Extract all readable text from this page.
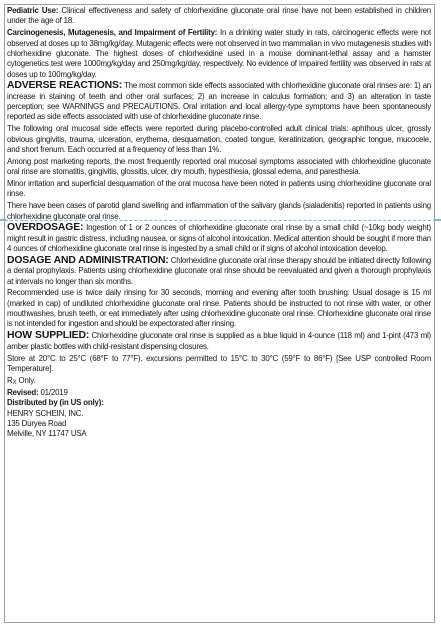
Pediatric Use: Clinical effectiveness and safety of chlorhexidine gluconate oral rinse have not been established in children under the age of 18.

Carcinogenesis, Mutagenesis, and Impairment of Fertility: In a drinking water study in rats, carcinogenic effects were not observed at doses up to 38mg/kg/day. Mutagenic effects were not observed in two mammalian in vivo mutagenesis studies with chlorhexidine gluconate. The highest doses of chlorhexidine used in a mouse dominant-lethal assay and a hamster cytogenetics test were 1000mg/kg/day and 250mg/kg/day, respectively. No evidence of impaired fertility was observed in rats at doses up to 100mg/kg/day.

ADVERSE REACTIONS: The most common side effects associated with chlorhexidine gluconate oral rinses are: 1) an increase in staining of teeth and other oral surfaces; 2) an increase in calculus formation; and 3) an alteration in taste perception; see WARNINGS and PRECAUTIONS. Oral irritation and local allergy-type symptoms have been spontaneously reported as side effects associated with use of chlorhexidine gluconate rinse.

The following oral mucosal side effects were reported during placebo-controlled adult clinical trials: aphthous ulcer, grossly obvious gingivitis, trauma, ulceration, erythema, desquamation, coated tongue, keratinization, geographic tongue, mucocele, and short frenum. Each occurred at a frequency of less than 1%.

Among post marketing reports, the most frequently reported oral mucosal symptoms associated with chlorhexidine gluconate oral rinse are stomatitis, gingivitis, glossitis, ulcer, dry mouth, hypesthesia, glossal edema, and paresthesia.

Minor irritation and superficial desquamation of the oral mucosa have been noted in patients using chlorhexidine gluconate oral rinse.

There have been cases of parotid gland swelling and inflammation of the salivary glands (sialadenitis) reported in patients using chlorhexidine gluconate oral rinse.

OVERDOSAGE: Ingestion of 1 or 2 ounces of chlorhexidine gluconate oral rinse by a small child (~10kg body weight) might result in gastric distress, including nausea, or signs of alcohol intoxication. Medical attention should be sought if more than 4 ounces of chlorhexidine gluconate oral rinse is ingested by a small child or if signs of alcohol intoxication develop.

DOSAGE AND ADMINISTRATION: Chlorhexidine gluconate oral rinse therapy should be initiated directly following a dental prophylaxis. Patients using chlorhexidine gluconate oral rinse should be reevaluated and given a thorough prophylaxis at intervals no longer than six months.

Recommended use is twice daily rinsing for 30 seconds, morning and evening after tooth brushing. Usual dosage is 15 ml (marked in cap) of undiluted chlorhexidine gluconate oral rinse. Patients should be instructed to not rinse with water, or other mouthwashes, brush teeth, or eat immediately after using chlorhexidine gluconate oral rinse. Chlorhexidine gluconate oral rinse is not intended for ingestion and should be expectorated after rinsing.

HOW SUPPLIED: Chlorhexidine gluconate oral rinse is supplied as a blue liquid in 4-ounce (118 ml) and 1-pint (473 ml) amber plastic bottles with child-resistant dispensing closures.

Store at 20°C to 25°C (68°F to 77°F), excursions permitted to 15°C to 30°C (59°F to 86°F) [See USP controlled Room Temperature].

RX Only.

Revised: 01/2019

Distributed by (in US only):

HENRY SCHEIN, INC.

135 Duryea Road

Melville, NY 11747 USA
